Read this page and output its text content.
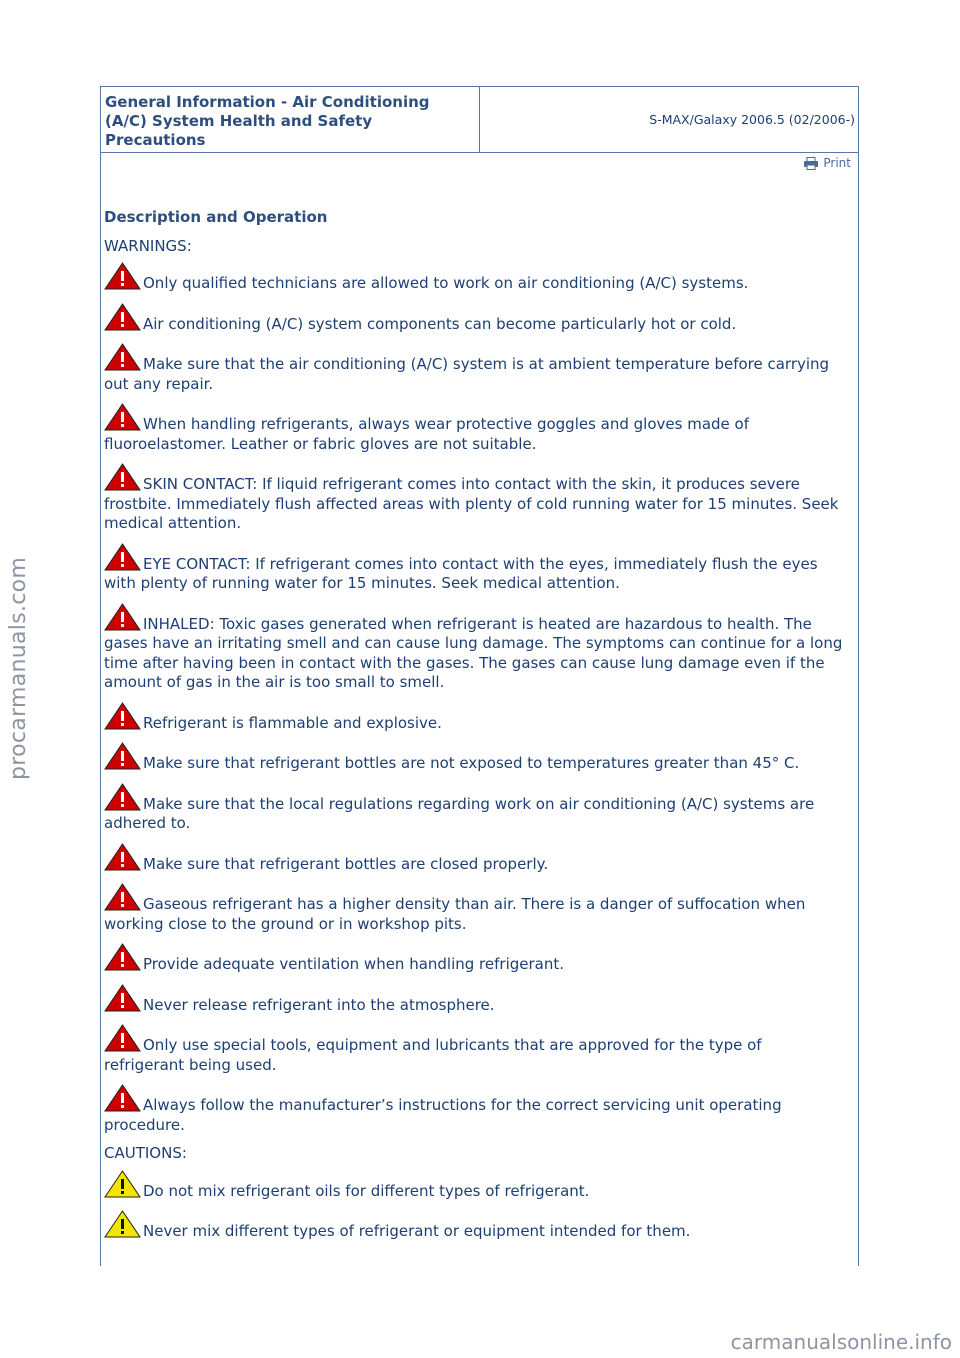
General Information - Air Conditioning (A/C) System Health and Safety Precautions
S-MAX/Galaxy 2006.5 (02/2006-)
Print
Description and Operation
WARNINGS:
Only qualified technicians are allowed to work on air conditioning (A/C) systems.
Air conditioning (A/C) system components can become particularly hot or cold.
Make sure that the air conditioning (A/C) system is at ambient temperature before carrying out any repair.
When handling refrigerants, always wear protective goggles and gloves made of fluoroelastomer. Leather or fabric gloves are not suitable.
SKIN CONTACT: If liquid refrigerant comes into contact with the skin, it produces severe frostbite. Immediately flush affected areas with plenty of cold running water for 15 minutes. Seek medical attention.
EYE CONTACT: If refrigerant comes into contact with the eyes, immediately flush the eyes with plenty of running water for 15 minutes. Seek medical attention.
INHALED: Toxic gases generated when refrigerant is heated are hazardous to health. The gases have an irritating smell and can cause lung damage. The symptoms can continue for a long time after having been in contact with the gases. The gases can cause lung damage even if the amount of gas in the air is too small to smell.
Refrigerant is flammable and explosive.
Make sure that refrigerant bottles are not exposed to temperatures greater than 45° C.
Make sure that the local regulations regarding work on air conditioning (A/C) systems are adhered to.
Make sure that refrigerant bottles are closed properly.
Gaseous refrigerant has a higher density than air. There is a danger of suffocation when working close to the ground or in workshop pits.
Provide adequate ventilation when handling refrigerant.
Never release refrigerant into the atmosphere.
Only use special tools, equipment and lubricants that are approved for the type of refrigerant being used.
Always follow the manufacturer’s instructions for the correct servicing unit operating procedure.
CAUTIONS:
Do not mix refrigerant oils for different types of refrigerant.
Never mix different types of refrigerant or equipment intended for them.
procarmanuals.com
carmanualsonline.info
